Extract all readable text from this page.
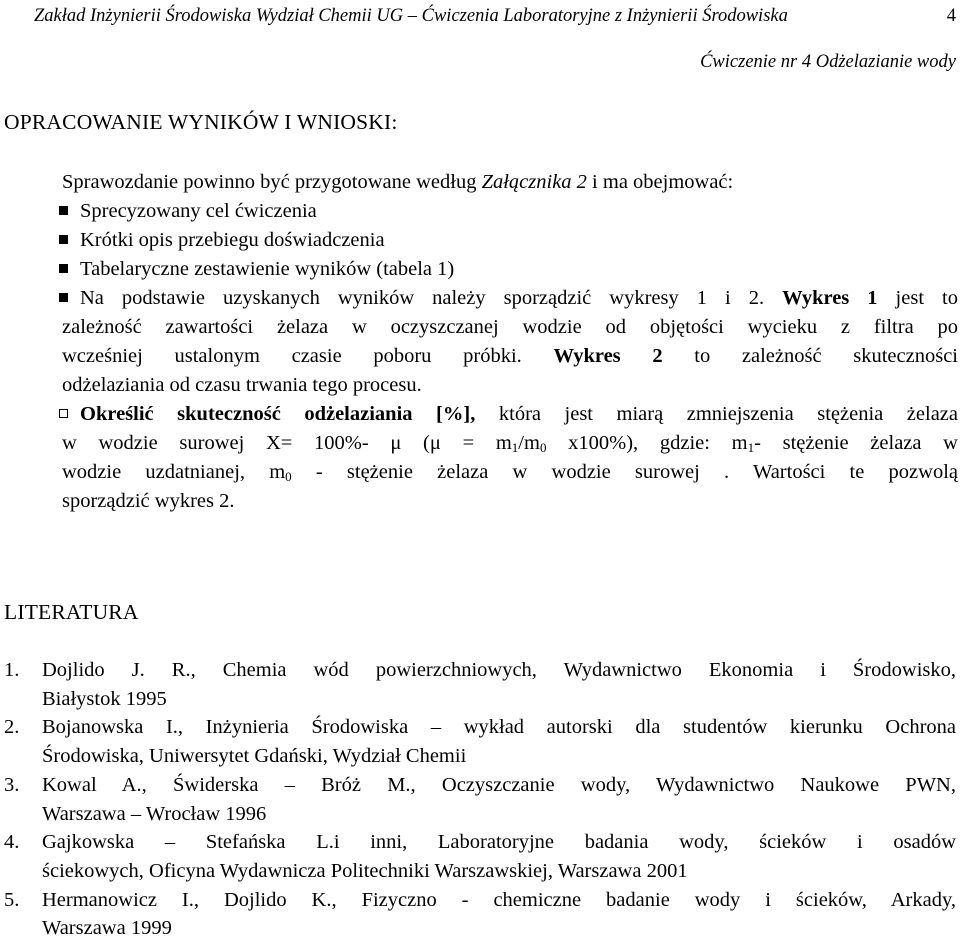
Zakład Inżynierii Środowiska Wydział Chemii UG – Ćwiczenia Laboratoryjne z Inżynierii Środowiska	4
Ćwiczenie nr 4 Odżelazianie wody
OPRACOWANIE WYNIKÓW I WNIOSKI:
Sprawozdanie powinno być przygotowane według Załącznika 2 i ma obejmować:
Sprecyzowany cel ćwiczenia
Krótki opis przebiegu doświadczenia
Tabelaryczne zestawienie wyników (tabela 1)
Na podstawie uzyskanych wyników należy sporządzić wykresy 1 i 2. Wykres 1 jest to
zależność zawartości żelaza w oczyszczanej wodzie od objętości wycieku z filtra po
wcześniej ustalonym czasie poboru próbki. Wykres 2 to zależność skuteczności
odżelaziania od czasu trwania tego procesu.
Określić skuteczność odżelaziania [%], która jest miarą zmniejszenia stężenia żelaza
w wodzie surowej X= 100%- μ ($\mu = m_1/m_0$ x100%), gdzie: $m_1-$ stężenie żelaza w
wodzie uzdatnianej, $m_0$ - stężenie żelaza w wodzie surowej . Wartości te pozwolą
sporządzić wykres 2.
LITERATURA
1. Dojlido J. R., Chemia wód powierzchniowych, Wydawnictwo Ekonomia i Środowisko,
Białystok 1995
2. Bojanowska I., Inżynieria Środowiska – wykład autorski dla studentów kierunku Ochrona
Środowiska, Uniwersytet Gdański, Wydział Chemii
3. Kowal A., Świderska – Bróż M., Oczyszczanie wody, Wydawnictwo Naukowe PWN,
Warszawa – Wrocław 1996
4. Gajkowska – Stefańska L.i inni, Laboratoryjne badania wody, ścieków i osadów
ściekowych, Oficyna Wydawnicza Politechniki Warszawskiej, Warszawa 2001
5. Hermanowicz I., Dojlido K., Fizyczno - chemiczne badanie wody i ścieków, Arkady,
Warszawa 1999
